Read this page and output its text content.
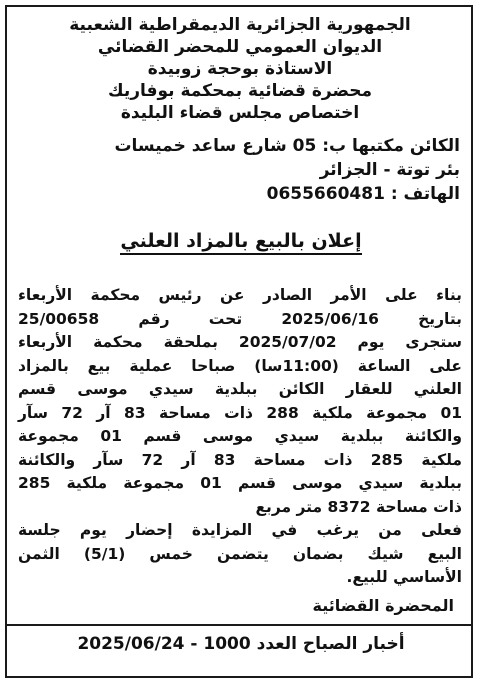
الجمهورية الجزائرية الديمقراطية الشعبية
الديوان العمومي للمحضر القضائي
الاستاذة بوحجة زوبيدة
محضرة قضائية بمحكمة بوفاريك
اختصاص مجلس قضاء البليدة
الكائن مكتبها ب: 05 شارع ساعد خميسات
بئر توتة - الجزائر
الهاتف : 0655660481
إعلان بالبيع بالمزاد العلني
بناء على الأمر الصادر عن رئيس محكمة الأربعاء
بتاريخ 2025/06/16 تحت رقم 25/00658
ستجرى يوم 2025/07/02 بملحقة محكمة الأربعاء
على الساعة (11:00سا) صباحا عملية بيع بالمزاد
العلني للعقار الكائن ببلدية سيدي موسى قسم
01 مجموعة ملكية 288 ذات مساحة 83 آر 72 سآر
والكائنة ببلدية سيدي موسى قسم 01 مجموعة
ملكية 285 ذات مساحة 83 آر 72 سآر والكائنة
ببلدية سيدي موسى قسم 01 مجموعة ملكية 285
ذات مساحة 8372 متر مربع
فعلى من يرغب في المزايدة إحضار يوم جلسة
البيع شيك بضمان يتضمن خمس (5/1) الثمن
الأساسي للبيع.
المحضرة القضائية
أخبار الصباح العدد 1000 - 2025/06/24
